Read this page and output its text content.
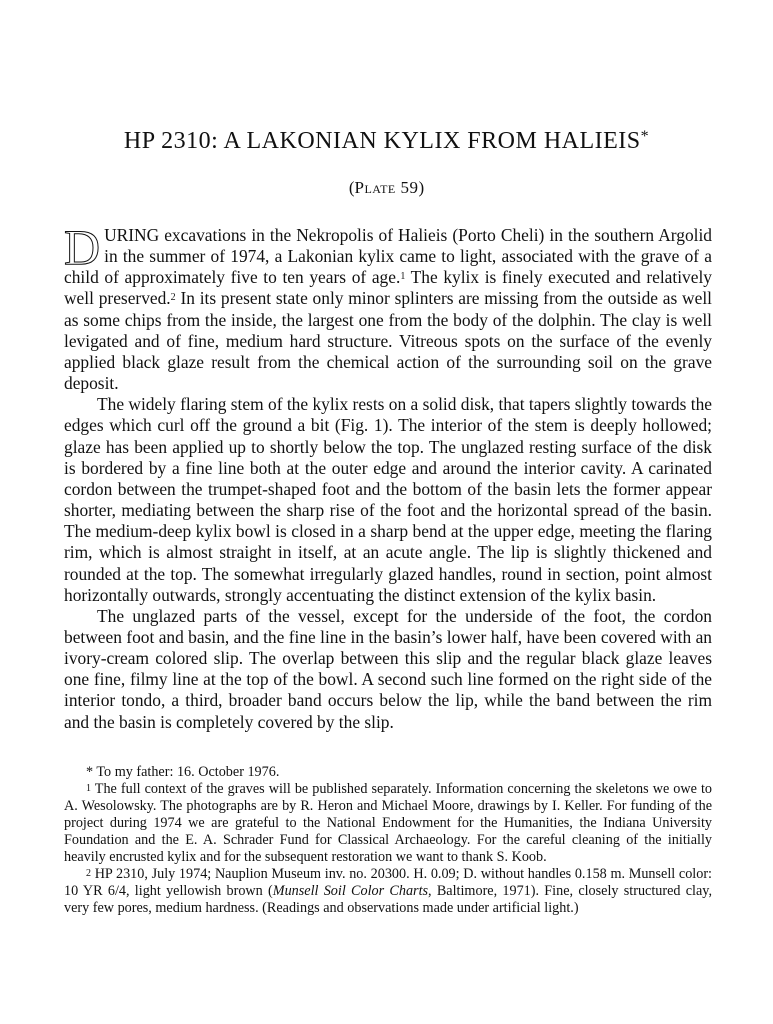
HP 2310: A LAKONIAN KYLIX FROM HALIEIS*
(Plate 59)

DURING excavations in the Nekropolis of Halieis (Porto Cheli) in the southern Argolid in the summer of 1974, a Lakonian kylix came to light, associated with the grave of a child of approximately five to ten years of age.$^1$ The kylix is finely executed and relatively well preserved.$^2$ In its present state only minor splinters are missing from the outside as well as some chips from the inside, the largest one from the body of the dolphin. The clay is well levigated and of fine, medium hard structure. Vitreous spots on the surface of the evenly applied black glaze result from the chemical action of the surrounding soil on the grave deposit.

The widely flaring stem of the kylix rests on a solid disk, that tapers slightly towards the edges which curl off the ground a bit (Fig. 1). The interior of the stem is deeply hollowed; glaze has been applied up to shortly below the top. The unglazed resting surface of the disk is bordered by a fine line both at the outer edge and around the interior cavity. A carinated cordon between the trumpet-shaped foot and the bottom of the basin lets the former appear shorter, mediating between the sharp rise of the foot and the horizontal spread of the basin. The medium-deep kylix bowl is closed in a sharp bend at the upper edge, meeting the flaring rim, which is almost straight in itself, at an acute angle. The lip is slightly thickened and rounded at the top. The somewhat irregularly glazed handles, round in section, point almost horizontally outwards, strongly accentuating the distinct extension of the kylix basin.

The unglazed parts of the vessel, except for the underside of the foot, the cordon between foot and basin, and the fine line in the basin’s lower half, have been covered with an ivory-cream colored slip. The overlap between this slip and the regular black glaze leaves one fine, filmy line at the top of the bowl. A second such line formed on the right side of the interior tondo, a third, broader band occurs below the lip, while the band between the rim and the basin is completely covered by the slip.

* To my father: 16. October 1976.

$^1$ The full context of the graves will be published separately. Information concerning the skeletons we owe to A. Wesolowsky. The photographs are by R. Heron and Michael Moore, drawings by I. Keller. For funding of the project during 1974 we are grateful to the National Endowment for the Humanities, the Indiana University Foundation and the E. A. Schrader Fund for Classical Archaeology. For the careful cleaning of the initially heavily encrusted kylix and for the subsequent restoration we want to thank S. Koob.

$^2$ HP 2310, July 1974; Nauplion Museum inv. no. 20300. H. 0.09; D. without handles 0.158 m. Munsell color: 10 YR 6/4, light yellowish brown (Munsell Soil Color Charts, Baltimore, 1971). Fine, closely structured clay, very few pores, medium hardness. (Readings and observations made under artificial light.)
